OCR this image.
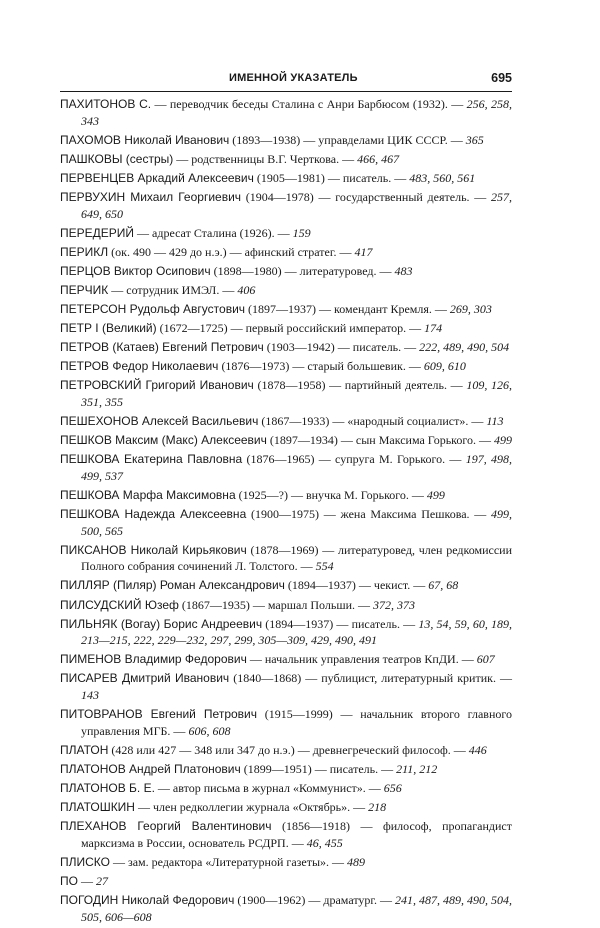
ИМЕННОЙ УКАЗАТЕЛЬ	695

ПАХИТОНОВ С. — переводчик беседы Сталина с Анри Барбюсом (1932). — 256, 258, 343

ПАХОМОВ Николай Иванович (1893—1938) — управделами ЦИК СССР. — 365

ПАШКОВЫ (сестры) — родственницы В.Г. Черткова. — 466, 467

ПЕРВЕНЦЕВ Аркадий Алексеевич (1905—1981) — писатель. — 483, 560, 561

ПЕРВУХИН Михаил Георгиевич (1904—1978) — государственный деятель. — 257, 649, 650

ПЕРЕДЕРИЙ — адресат Сталина (1926). — 159

ПЕРИКЛ (ок. 490 — 429 до н.э.) — афинский стратег. — 417

ПЕРЦОВ Виктор Осипович (1898—1980) — литературовед. — 483

ПЕРЧИК — сотрудник ИМЭЛ. — 406

ПЕТЕРСОН Рудольф Августович (1897—1937) — комендант Кремля. — 269, 303

ПЕТР I (Великий) (1672—1725) — первый российский император. — 174

ПЕТРОВ (Катаев) Евгений Петрович (1903—1942) — писатель. — 222, 489, 490, 504

ПЕТРОВ Федор Николаевич (1876—1973) — старый большевик. — 609, 610

ПЕТРОВСКИЙ Григорий Иванович (1878—1958) — партийный деятель. — 109, 126, 351, 355

ПЕШЕХОНОВ Алексей Васильевич (1867—1933) — «народный социалист». — 113

ПЕШКОВ Максим (Макс) Алексеевич (1897—1934) — сын Максима Горького. — 499

ПЕШКОВА Екатерина Павловна (1876—1965) — супруга М. Горького. — 197, 498, 499, 537

ПЕШКОВА Марфа Максимовна (1925—?) — внучка М. Горького. — 499

ПЕШКОВА Надежда Алексеевна (1900—1975) — жена Максима Пешкова. — 499, 500, 565

ПИКСАНОВ Николай Кирьякович (1878—1969) — литературовед, член редкомиссии Полного собрания сочинений Л. Толстого. — 554

ПИЛЛЯР (Пиляр) Роман Александрович (1894—1937) — чекист. — 67, 68

ПИЛСУДСКИЙ Юзеф (1867—1935) — маршал Польши. — 372, 373

ПИЛЬНЯК (Вогау) Борис Андреевич (1894—1937) — писатель. — 13, 54, 59, 60, 189, 213—215, 222, 229—232, 297, 299, 305—309, 429, 490, 491

ПИМЕНОВ Владимир Федорович — начальник управления театров КпДИ. — 607

ПИСАРЕВ Дмитрий Иванович (1840—1868) — публицист, литературный критик. — 143

ПИТОВРАНОВ Евгений Петрович (1915—1999) — начальник второго главного управления МГБ. — 606, 608

ПЛАТОН (428 или 427 — 348 или 347 до н.э.) — древнегреческий философ. — 446

ПЛАТОНОВ Андрей Платонович (1899—1951) — писатель. — 211, 212

ПЛАТОНОВ Б. Е. — автор письма в журнал «Коммунист». — 656

ПЛАТОШКИН — член редколлегии журнала «Октябрь». — 218

ПЛЕХАНОВ Георгий Валентинович (1856—1918) — философ, пропагандист марксизма в России, основатель РСДРП. — 46, 455

ПЛИСКО — зам. редактора «Литературной газеты». — 489

ПО — 27

ПОГОДИН Николай Федорович (1900—1962) — драматург. — 241, 487, 489, 490, 504, 505, 606—608
